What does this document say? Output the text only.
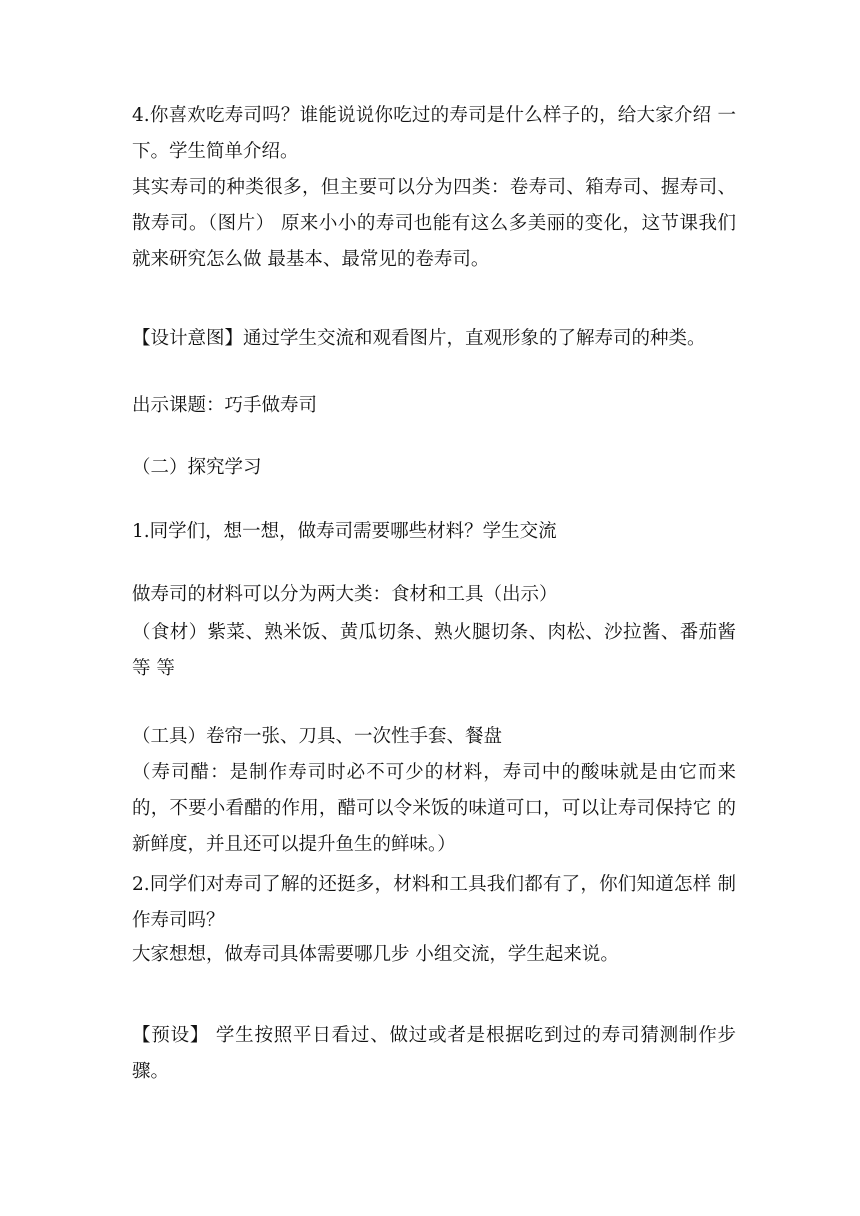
4.你喜欢吃寿司吗？谁能说说你吃过的寿司是什么样子的，给大家介绍 一下。学生简单介绍。

其实寿司的种类很多，但主要可以分为四类：卷寿司、箱寿司、握寿司、 散寿司。（图片） 原来小小的寿司也能有这么多美丽的变化，这节课我们就来研究怎么做 最基本、最常见的卷寿司。

【设计意图】通过学生交流和观看图片，直观形象的了解寿司的种类。

出示课题：巧手做寿司

（二）探究学习

1.同学们，想一想，做寿司需要哪些材料？学生交流

做寿司的材料可以分为两大类：食材和工具（出示）

（食材）紫菜、熟米饭、黄瓜切条、熟火腿切条、肉松、沙拉酱、番茄酱等 等

（工具）卷帘一张、刀具、一次性手套、餐盘

（寿司醋：是制作寿司时必不可少的材料，寿司中的酸味就是由它而来 的，不要小看醋的作用，醋可以令米饭的味道可口，可以让寿司保持它 的新鲜度，并且还可以提升鱼生的鲜味。）

2.同学们对寿司了解的还挺多，材料和工具我们都有了，你们知道怎样 制作寿司吗？

大家想想，做寿司具体需要哪几步 小组交流，学生起来说。

【预设】 学生按照平日看过、做过或者是根据吃到过的寿司猜测制作步骤。
